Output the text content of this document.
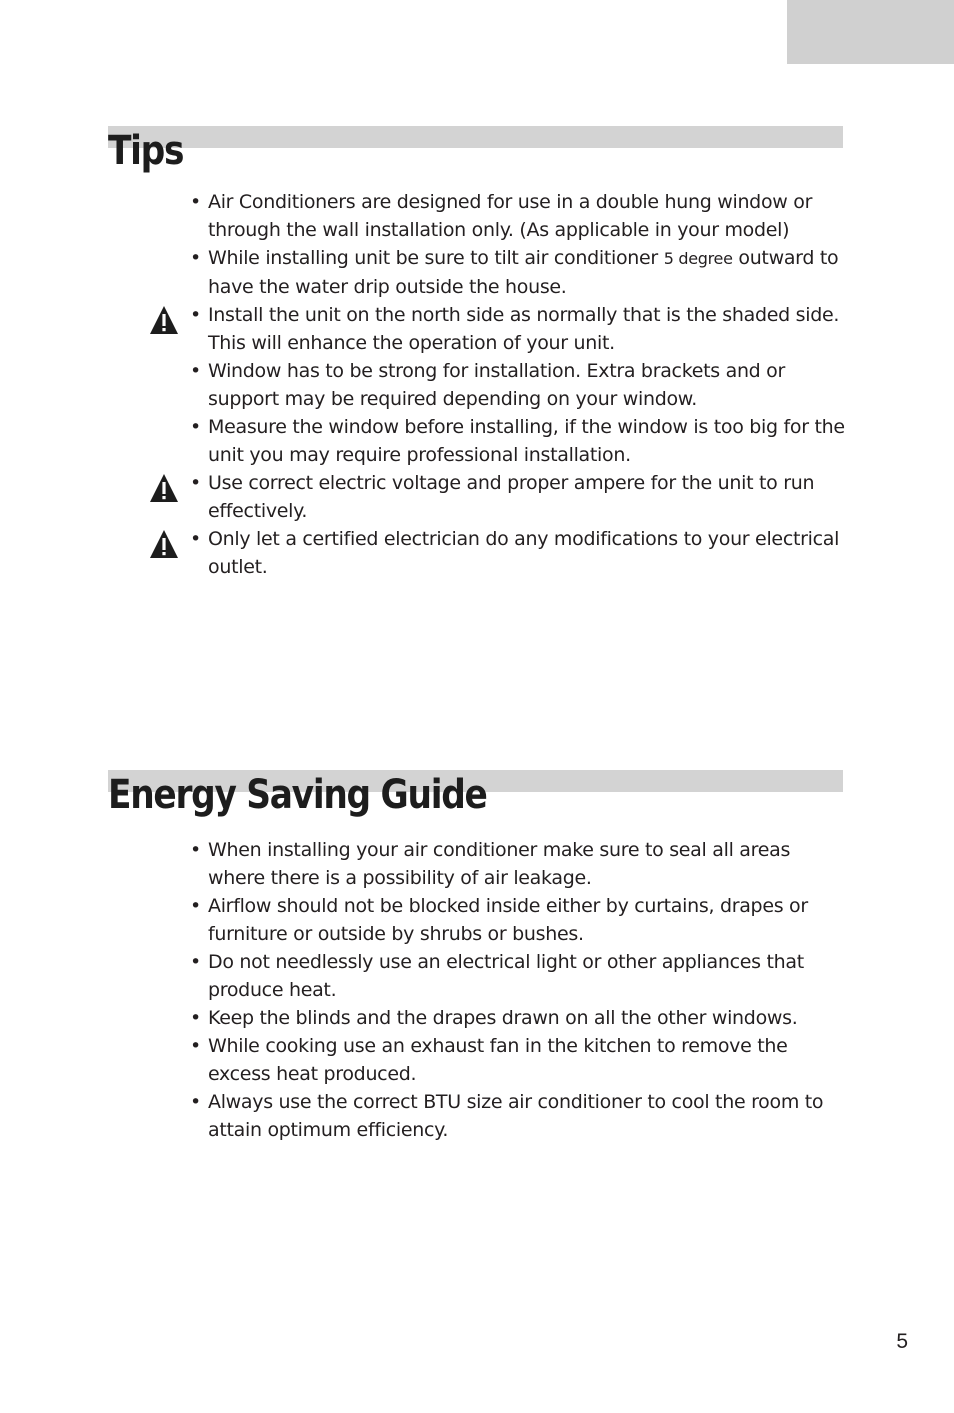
Tips
• Air Conditioners are designed for use in a double hung window or through the wall installation only. (As applicable in your model)
• While installing unit be sure to tilt air conditioner 5 degree outward to have the water drip outside the house.
• Install the unit on the north side as normally that is the shaded side. This will enhance the operation of your unit.
• Window has to be strong for installation. Extra brackets and or support may be required depending on your window.
• Measure the window before installing, if the window is too big for the unit you may require professional installation.
• Use correct electric voltage and proper ampere for the unit to run effectively.
• Only let a certified electrician do any modifications to your electrical outlet.
Energy Saving Guide
• When installing your air conditioner make sure to seal all areas where there is a possibility of air leakage.
• Airflow should not be blocked inside either by curtains, drapes or furniture or outside by shrubs or bushes.
• Do not needlessly use an electrical light or other appliances that produce heat.
• Keep the blinds and the drapes drawn on all the other windows.
• While cooking use an exhaust fan in the kitchen to remove the excess heat produced.
• Always use the correct BTU size air conditioner to cool the room to attain optimum efficiency.
5
